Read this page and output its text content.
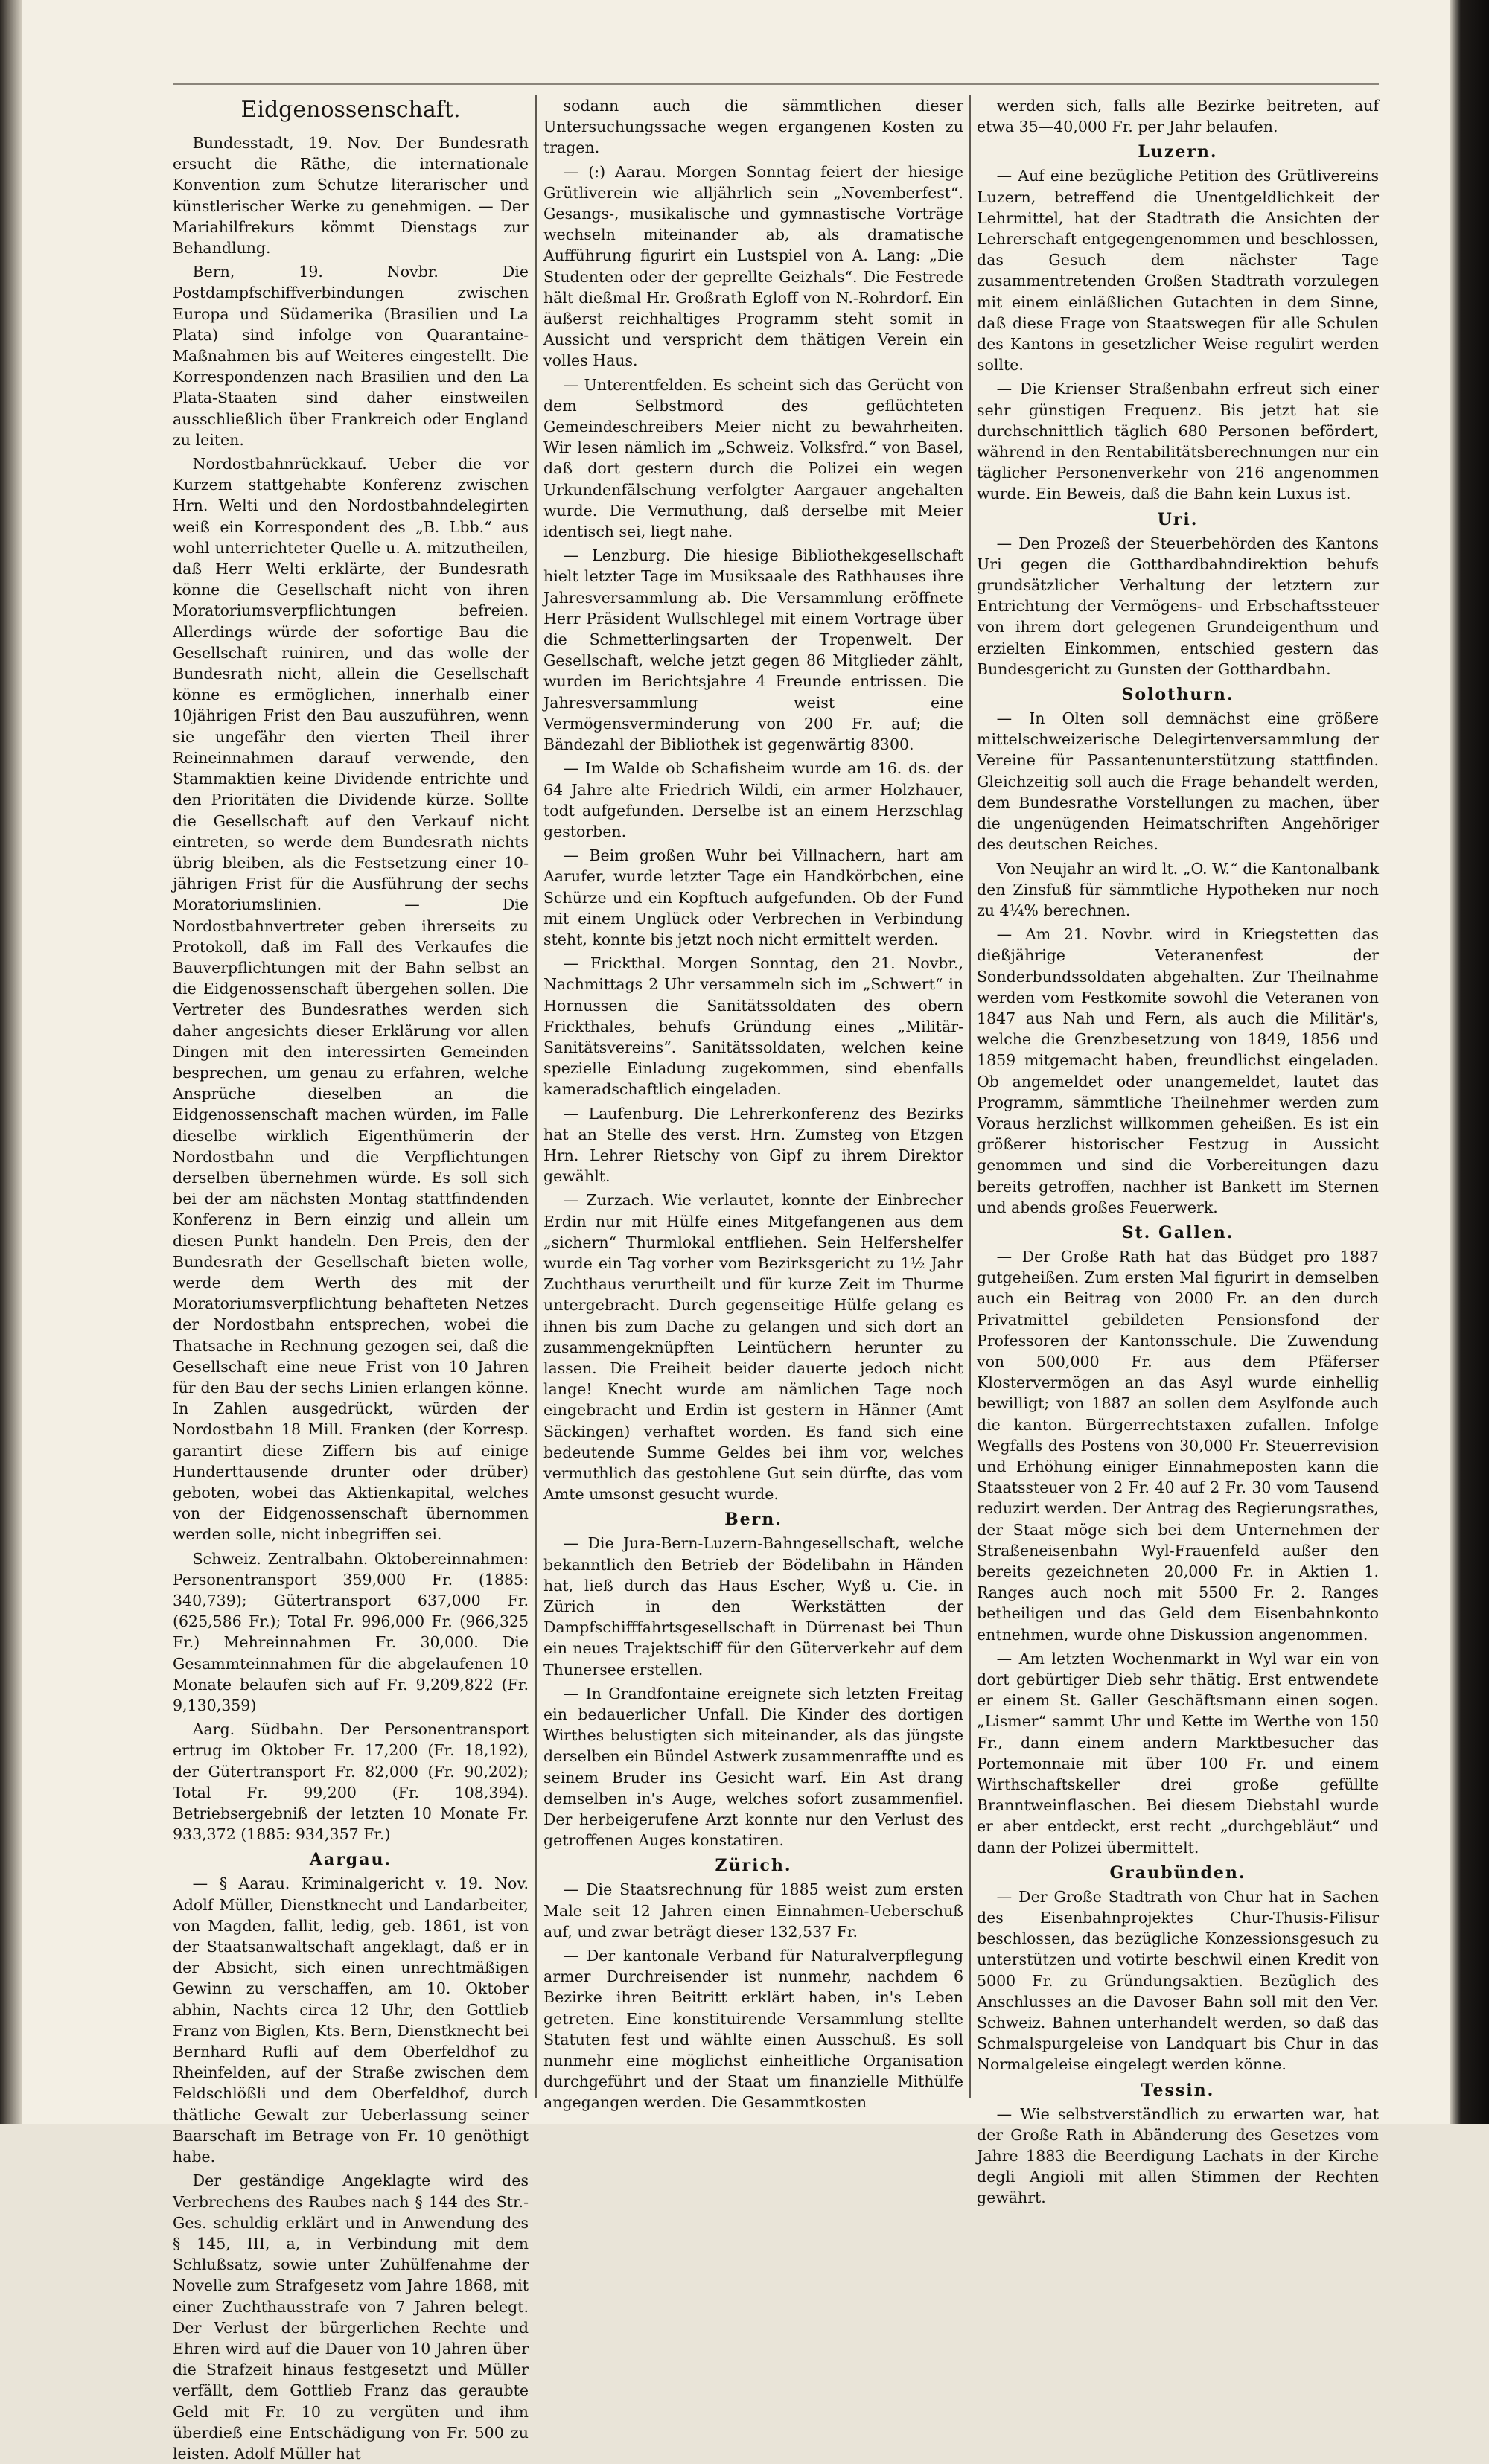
Eidgenossenschaft.

Bundesstadt, 19. Nov. Der Bundesrath ersucht die Räthe, die internationale Konvention zum Schutze literarischer und künstlerischer Werke zu genehmigen. — Der Mariahilfrekurs kömmt Dienstags zur Behandlung.

Bern, 19. Novbr. Die Postdampfschiffverbindungen zwischen Europa und Südamerika (Brasilien und La Plata) sind infolge von Quarantaine-Maßnahmen bis auf Weiteres eingestellt. Die Korrespondenzen nach Brasilien und den La Plata-Staaten sind daher einstweilen ausschließlich über Frankreich oder England zu leiten.

Nordostbahnrückkauf. Ueber die vor Kurzem stattgehabte Konferenz zwischen Hrn. Welti und den Nordostbahndelegirten weiß ein Korrespondent des „B. Lbb.“ aus wohl unterrichteter Quelle u. A. mitzutheilen, daß Herr Welti erklärte, der Bundesrath könne die Gesellschaft nicht von ihren Moratoriumsverpflichtungen befreien. Allerdings würde der sofortige Bau die Gesellschaft ruiniren, und das wolle der Bundesrath nicht, allein die Gesellschaft könne es ermöglichen, innerhalb einer 10jährigen Frist den Bau auszuführen, wenn sie ungefähr den vierten Theil ihrer Reineinnahmen darauf verwende, den Stammaktien keine Dividende entrichte und den Prioritäten die Dividende kürze. Sollte die Gesellschaft auf den Verkauf nicht eintreten, so werde dem Bundesrath nichts übrig bleiben, als die Festsetzung einer 10-jährigen Frist für die Ausführung der sechs Moratoriumslinien. — Die Nordostbahnvertreter geben ihrerseits zu Protokoll, daß im Fall des Verkaufes die Bauverpflichtungen mit der Bahn selbst an die Eidgenossenschaft übergehen sollen. Die Vertreter des Bundesrathes werden sich daher angesichts dieser Erklärung vor allen Dingen mit den interessirten Gemeinden besprechen, um genau zu erfahren, welche Ansprüche dieselben an die Eidgenossenschaft machen würden, im Falle dieselbe wirklich Eigenthümerin der Nordostbahn und die Verpflichtungen derselben übernehmen würde. Es soll sich bei der am nächsten Montag stattfindenden Konferenz in Bern einzig und allein um diesen Punkt handeln. Den Preis, den der Bundesrath der Gesellschaft bieten wolle, werde dem Werth des mit der Moratoriumsverpflichtung behafteten Netzes der Nordostbahn entsprechen, wobei die Thatsache in Rechnung gezogen sei, daß die Gesellschaft eine neue Frist von 10 Jahren für den Bau der sechs Linien erlangen könne. In Zahlen ausgedrückt, würden der Nordostbahn 18 Mill. Franken (der Korresp. garantirt diese Ziffern bis auf einige Hunderttausende drunter oder drüber) geboten, wobei das Aktienkapital, welches von der Eidgenossenschaft übernommen werden solle, nicht inbegriffen sei.

Schweiz. Zentralbahn. Oktobereinnahmen: Personentransport 359,000 Fr. (1885: 340,739); Gütertransport 637,000 Fr. (625,586 Fr.); Total Fr. 996,000 Fr. (966,325 Fr.) Mehreinnahmen Fr. 30,000. Die Gesammteinnahmen für die abgelaufenen 10 Monate belaufen sich auf Fr. 9,209,822 (Fr. 9,130,359)

Aarg. Südbahn. Der Personentransport ertrug im Oktober Fr. 17,200 (Fr. 18,192), der Gütertransport Fr. 82,000 (Fr. 90,202); Total Fr. 99,200 (Fr. 108,394). Betriebsergebniß der letzten 10 Monate Fr. 933,372 (1885: 934,357 Fr.)

Aargau.

— § Aarau. Kriminalgericht v. 19. Nov. Adolf Müller, Dienstknecht und Landarbeiter, von Magden, fallit, ledig, geb. 1861, ist von der Staatsanwaltschaft angeklagt, daß er in der Absicht, sich einen unrechtmäßigen Gewinn zu verschaffen, am 10. Oktober abhin, Nachts circa 12 Uhr, den Gottlieb Franz von Biglen, Kts. Bern, Dienstknecht bei Bernhard Rufli auf dem Oberfeldhof zu Rheinfelden, auf der Straße zwischen dem Feldschlößli und dem Oberfeldhof, durch thätliche Gewalt zur Ueberlassung seiner Baarschaft im Betrage von Fr. 10 genöthigt habe.

Der geständige Angeklagte wird des Verbrechens des Raubes nach § 144 des Str.-Ges. schuldig erklärt und in Anwendung des § 145, III, a, in Verbindung mit dem Schlußsatz, sowie unter Zuhülfenahme der Novelle zum Strafgesetz vom Jahre 1868, mit einer Zuchthausstrafe von 7 Jahren belegt. Der Verlust der bürgerlichen Rechte und Ehren wird auf die Dauer von 10 Jahren über die Strafzeit hinaus festgesetzt und Müller verfällt, dem Gottlieb Franz das geraubte Geld mit Fr. 10 zu vergüten und ihm überdieß eine Entschädigung von Fr. 500 zu leisten. Adolf Müller hat

sodann auch die sämmtlichen dieser Untersuchungssache wegen ergangenen Kosten zu tragen.

— (:) Aarau. Morgen Sonntag feiert der hiesige Grütliverein wie alljährlich sein „Novemberfest“. Gesangs-, musikalische und gymnastische Vorträge wechseln miteinander ab, als dramatische Aufführung figurirt ein Lustspiel von A. Lang: „Die Studenten oder der geprellte Geizhals“. Die Festrede hält dießmal Hr. Großrath Egloff von N.-Rohrdorf. Ein äußerst reichhaltiges Programm steht somit in Aussicht und verspricht dem thätigen Verein ein volles Haus.

— Unterentfelden. Es scheint sich das Gerücht von dem Selbstmord des geflüchteten Gemeindeschreibers Meier nicht zu bewahrheiten. Wir lesen nämlich im „Schweiz. Volksfrd.“ von Basel, daß dort gestern durch die Polizei ein wegen Urkundenfälschung verfolgter Aargauer angehalten wurde. Die Vermuthung, daß derselbe mit Meier identisch sei, liegt nahe.

— Lenzburg. Die hiesige Bibliothekgesellschaft hielt letzter Tage im Musiksaale des Rathhauses ihre Jahresversammlung ab. Die Versammlung eröffnete Herr Präsident Wullschlegel mit einem Vortrage über die Schmetterlingsarten der Tropenwelt. Der Gesellschaft, welche jetzt gegen 86 Mitglieder zählt, wurden im Berichtsjahre 4 Freunde entrissen. Die Jahresversammlung weist eine Vermögensverminderung von 200 Fr. auf; die Bändezahl der Bibliothek ist gegenwärtig 8300.

— Im Walde ob Schafisheim wurde am 16. ds. der 64 Jahre alte Friedrich Wildi, ein armer Holzhauer, todt aufgefunden. Derselbe ist an einem Herzschlag gestorben.

— Beim großen Wuhr bei Villnachern, hart am Aarufer, wurde letzter Tage ein Handkörbchen, eine Schürze und ein Kopftuch aufgefunden. Ob der Fund mit einem Unglück oder Verbrechen in Verbindung steht, konnte bis jetzt noch nicht ermittelt werden.

— Frickthal. Morgen Sonntag, den 21. Novbr., Nachmittags 2 Uhr versammeln sich im „Schwert“ in Hornussen die Sanitätssoldaten des obern Frickthales, behufs Gründung eines „Militär-Sanitätsvereins“. Sanitätssoldaten, welchen keine spezielle Einladung zugekommen, sind ebenfalls kameradschaftlich eingeladen.

— Laufenburg. Die Lehrerkonferenz des Bezirks hat an Stelle des verst. Hrn. Zumsteg von Etzgen Hrn. Lehrer Rietschy von Gipf zu ihrem Direktor gewählt.

— Zurzach. Wie verlautet, konnte der Einbrecher Erdin nur mit Hülfe eines Mitgefangenen aus dem „sichern“ Thurmlokal entfliehen. Sein Helfershelfer wurde ein Tag vorher vom Bezirksgericht zu 1½ Jahr Zuchthaus verurtheilt und für kurze Zeit im Thurme untergebracht. Durch gegenseitige Hülfe gelang es ihnen bis zum Dache zu gelangen und sich dort an zusammengeknüpften Leintüchern herunter zu lassen. Die Freiheit beider dauerte jedoch nicht lange! Knecht wurde am nämlichen Tage noch eingebracht und Erdin ist gestern in Hänner (Amt Säckingen) verhaftet worden. Es fand sich eine bedeutende Summe Geldes bei ihm vor, welches vermuthlich das gestohlene Gut sein dürfte, das vom Amte umsonst gesucht wurde.

Bern.

— Die Jura-Bern-Luzern-Bahngesellschaft, welche bekanntlich den Betrieb der Bödelibahn in Händen hat, ließ durch das Haus Escher, Wyß u. Cie. in Zürich in den Werkstätten der Dampfschifffahrtsgesellschaft in Dürrenast bei Thun ein neues Trajektschiff für den Güterverkehr auf dem Thunersee erstellen.

— In Grandfontaine ereignete sich letzten Freitag ein bedauerlicher Unfall. Die Kinder des dortigen Wirthes belustigten sich miteinander, als das jüngste derselben ein Bündel Astwerk zusammenraffte und es seinem Bruder ins Gesicht warf. Ein Ast drang demselben in's Auge, welches sofort zusammenfiel. Der herbeigerufene Arzt konnte nur den Verlust des getroffenen Auges konstatiren.

Zürich.

— Die Staatsrechnung für 1885 weist zum ersten Male seit 12 Jahren einen Einnahmen-Ueberschuß auf, und zwar beträgt dieser 132,537 Fr.

— Der kantonale Verband für Naturalverpflegung armer Durchreisender ist nunmehr, nachdem 6 Bezirke ihren Beitritt erklärt haben, in's Leben getreten. Eine konstituirende Versammlung stellte Statuten fest und wählte einen Ausschuß. Es soll nunmehr eine möglichst einheitliche Organisation durchgeführt und der Staat um finanzielle Mithülfe angegangen werden. Die Gesammtkosten

werden sich, falls alle Bezirke beitreten, auf etwa 35—40,000 Fr. per Jahr belaufen.

Luzern.

— Auf eine bezügliche Petition des Grütlivereins Luzern, betreffend die Unentgeldlichkeit der Lehrmittel, hat der Stadtrath die Ansichten der Lehrerschaft entgegengenommen und beschlossen, das Gesuch dem nächster Tage zusammentretenden Großen Stadtrath vorzulegen mit einem einläßlichen Gutachten in dem Sinne, daß diese Frage von Staatswegen für alle Schulen des Kantons in gesetzlicher Weise regulirt werden sollte.

— Die Krienser Straßenbahn erfreut sich einer sehr günstigen Frequenz. Bis jetzt hat sie durchschnittlich täglich 680 Personen befördert, während in den Rentabilitätsberechnungen nur ein täglicher Personenverkehr von 216 angenommen wurde. Ein Beweis, daß die Bahn kein Luxus ist.

Uri.

— Den Prozeß der Steuerbehörden des Kantons Uri gegen die Gotthardbahndirektion behufs grundsätzlicher Verhaltung der letztern zur Entrichtung der Vermögens- und Erbschaftssteuer von ihrem dort gelegenen Grundeigenthum und erzielten Einkommen, entschied gestern das Bundesgericht zu Gunsten der Gotthardbahn.

Solothurn.

— In Olten soll demnächst eine größere mittelschweizerische Delegirtenversammlung der Vereine für Passantenunterstützung stattfinden. Gleichzeitig soll auch die Frage behandelt werden, dem Bundesrathe Vorstellungen zu machen, über die ungenügenden Heimatschriften Angehöriger des deutschen Reiches.

Von Neujahr an wird lt. „O. W.“ die Kantonalbank den Zinsfuß für sämmtliche Hypotheken nur noch zu 4¼% berechnen.

— Am 21. Novbr. wird in Kriegstetten das dießjährige Veteranenfest der Sonderbundssoldaten abgehalten. Zur Theilnahme werden vom Festkomite sowohl die Veteranen von 1847 aus Nah und Fern, als auch die Militär's, welche die Grenzbesetzung von 1849, 1856 und 1859 mitgemacht haben, freundlichst eingeladen. Ob angemeldet oder unangemeldet, lautet das Programm, sämmtliche Theilnehmer werden zum Voraus herzlichst willkommen geheißen. Es ist ein größerer historischer Festzug in Aussicht genommen und sind die Vorbereitungen dazu bereits getroffen, nachher ist Bankett im Sternen und abends großes Feuerwerk.

St. Gallen.

— Der Große Rath hat das Büdget pro 1887 gutgeheißen. Zum ersten Mal figurirt in demselben auch ein Beitrag von 2000 Fr. an den durch Privatmittel gebildeten Pensionsfond der Professoren der Kantonsschule. Die Zuwendung von 500,000 Fr. aus dem Pfäferser Klostervermögen an das Asyl wurde einhellig bewilligt; von 1887 an sollen dem Asylfonde auch die kanton. Bürgerrechtstaxen zufallen. Infolge Wegfalls des Postens von 30,000 Fr. Steuerrevision und Erhöhung einiger Einnahmeposten kann die Staatssteuer von 2 Fr. 40 auf 2 Fr. 30 vom Tausend reduzirt werden. Der Antrag des Regierungsrathes, der Staat möge sich bei dem Unternehmen der Straßeneisenbahn Wyl-Frauenfeld außer den bereits gezeichneten 20,000 Fr. in Aktien 1. Ranges auch noch mit 5500 Fr. 2. Ranges betheiligen und das Geld dem Eisenbahnkonto entnehmen, wurde ohne Diskussion angenommen.

— Am letzten Wochenmarkt in Wyl war ein von dort gebürtiger Dieb sehr thätig. Erst entwendete er einem St. Galler Geschäftsmann einen sogen. „Lismer“ sammt Uhr und Kette im Werthe von 150 Fr., dann einem andern Marktbesucher das Portemonnaie mit über 100 Fr. und einem Wirthschaftskeller drei große gefüllte Branntweinflaschen. Bei diesem Diebstahl wurde er aber entdeckt, erst recht „durchgebläut“ und dann der Polizei übermittelt.

Graubünden.

— Der Große Stadtrath von Chur hat in Sachen des Eisenbahnprojektes Chur-Thusis-Filisur beschlossen, das bezügliche Konzessionsgesuch zu unterstützen und votirte beschwil einen Kredit von 5000 Fr. zu Gründungsaktien. Bezüglich des Anschlusses an die Davoser Bahn soll mit den Ver. Schweiz. Bahnen unterhandelt werden, so daß das Schmalspurgeleise von Landquart bis Chur in das Normalgeleise eingelegt werden könne.

Tessin.

— Wie selbstverständlich zu erwarten war, hat der Große Rath in Abänderung des Gesetzes vom Jahre 1883 die Beerdigung Lachats in der Kirche degli Angioli mit allen Stimmen der Rechten gewährt.
